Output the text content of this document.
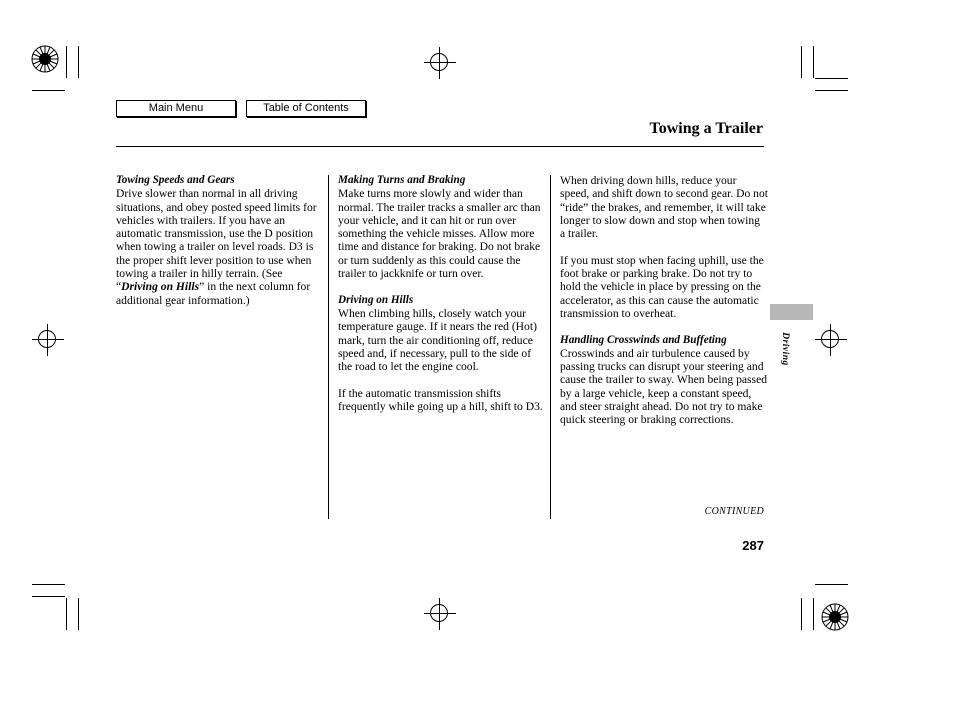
Main Menu	Table of Contents
Towing a Trailer
Towing Speeds and Gears

Drive slower than normal in all driving situations, and obey posted speed limits for vehicles with trailers. If you have an automatic transmission, use the D position when towing a trailer on level roads. D3 is the proper shift lever position to use when towing a trailer in hilly terrain. (See “Driving on Hills” in the next column for additional gear information.)

Making Turns and Braking

Make turns more slowly and wider than normal. The trailer tracks a smaller arc than your vehicle, and it can hit or run over something the vehicle misses. Allow more time and distance for braking. Do not brake or turn suddenly as this could cause the trailer to jackknife or turn over.

Driving on Hills

When climbing hills, closely watch your temperature gauge. If it nears the red (Hot) mark, turn the air conditioning off, reduce speed and, if necessary, pull to the side of the road to let the engine cool.

If the automatic transmission shifts frequently while going up a hill, shift to D3.

When driving down hills, reduce your speed, and shift down to second gear. Do not “ride” the brakes, and remember, it will take longer to slow down and stop when towing a trailer.

If you must stop when facing uphill, use the foot brake or parking brake. Do not try to hold the vehicle in place by pressing on the accelerator, as this can cause the automatic transmission to overheat.

Handling Crosswinds and Buffeting

Crosswinds and air turbulence caused by passing trucks can disrupt your steering and cause the trailer to sway. When being passed by a large vehicle, keep a constant speed, and steer straight ahead. Do not try to make quick steering or braking corrections.

Driving
CONTINUED
287
